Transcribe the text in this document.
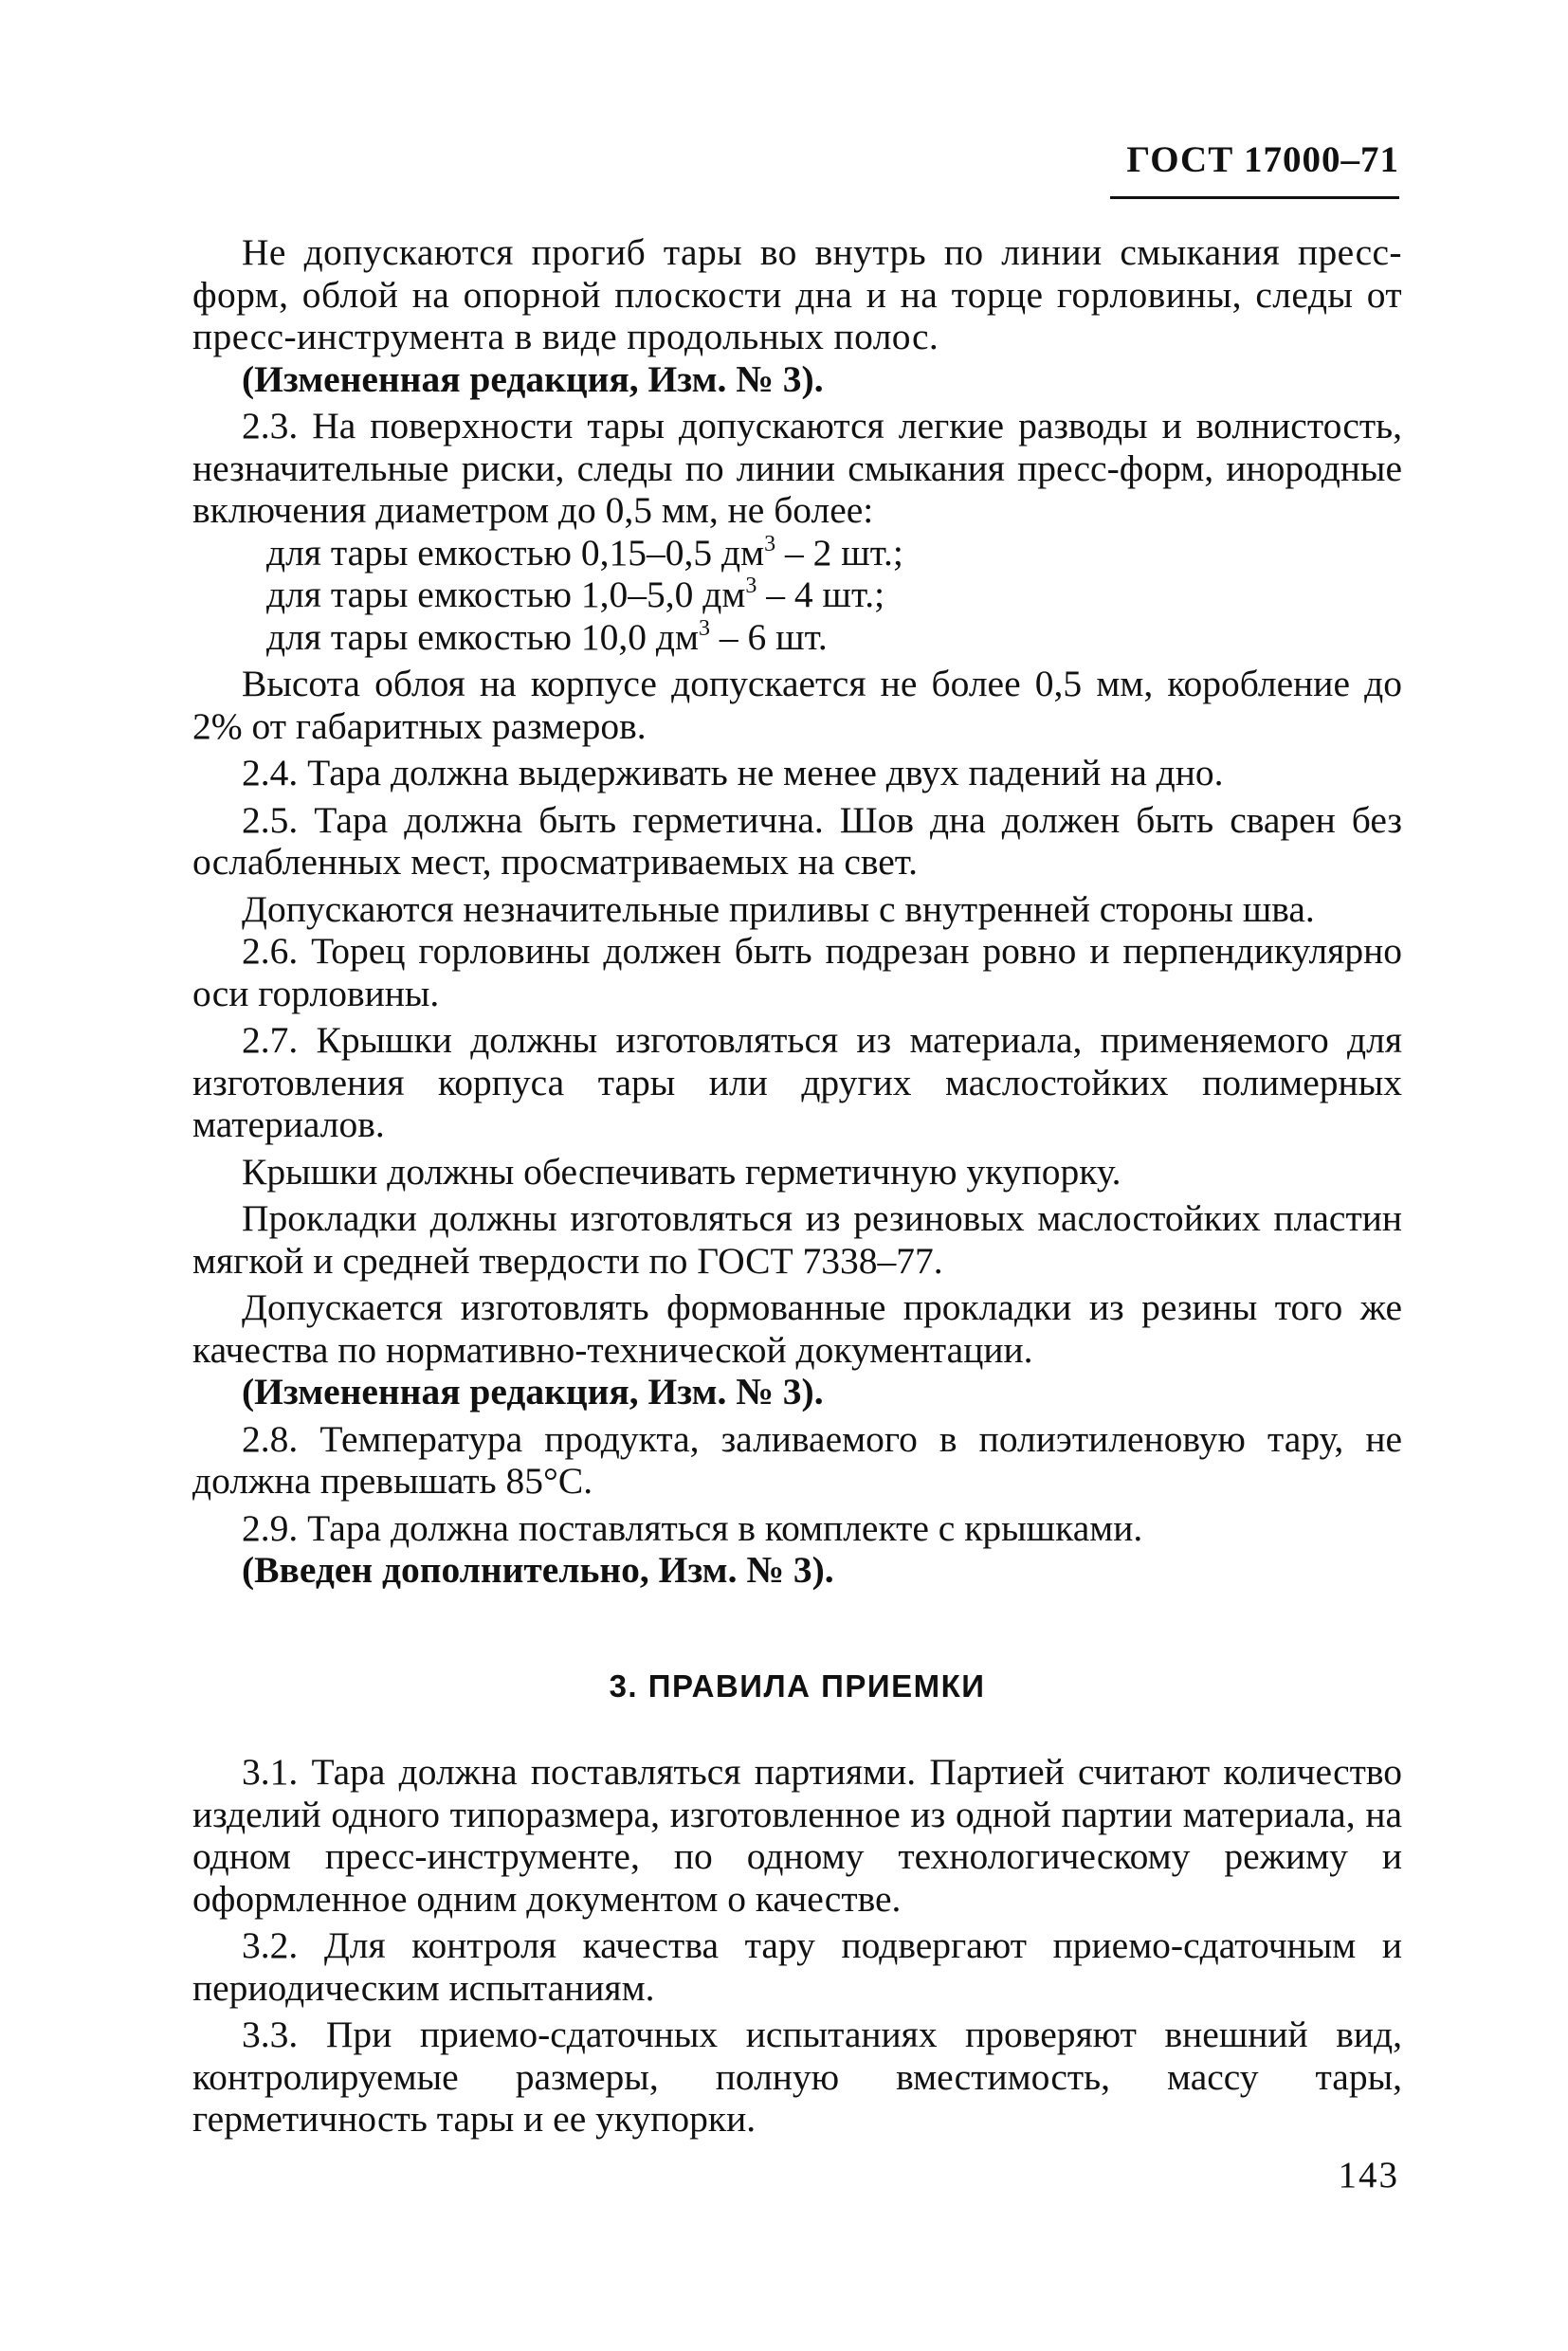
ГОСТ 17000–71

Не допускаются прогиб тары во внутрь по линии смыкания пресс-форм, облой на опорной плоскости дна и на торце горловины, следы от пресс-инструмента в виде продольных полос.

(Измененная редакция, Изм. № 3).

2.3. На поверхности тары допускаются легкие разводы и волнистость, незначительные риски, следы по линии смыкания пресс-форм, инородные включения диаметром до 0,5 мм, не более:

для тары емкостью 0,15–0,5 $дм^3 - 2$ шт.;

для тары емкостью 1,0–5,0 $дм^3 - 4$ шт.;

для тары емкостью 10,0 $дм^3 - 6$ шт.

Высота облоя на корпусе допускается не более 0,5 мм, коробление до 2% от габаритных размеров.

2.4. Тара должна выдерживать не менее двух падений на дно.

2.5. Тара должна быть герметична. Шов дна должен быть сварен без ослабленных мест, просматриваемых на свет.

Допускаются незначительные приливы с внутренней стороны шва.

2.6. Торец горловины должен быть подрезан ровно и перпендикулярно оси горловины.

2.7. Крышки должны изготовляться из материала, применяемого для изготовления корпуса тары или других маслостойких полимерных материалов.

Крышки должны обеспечивать герметичную укупорку.

Прокладки должны изготовляться из резиновых маслостойких пластин мягкой и средней твердости по ГОСТ 7338–77.

Допускается изготовлять формованные прокладки из резины того же качества по нормативно-технической документации.

(Измененная редакция, Изм. № 3).

2.8. Температура продукта, заливаемого в полиэтиленовую тару, не должна превышать 85°С.

2.9. Тара должна поставляться в комплекте с крышками.

(Введен дополнительно, Изм. № 3).

3. ПРАВИЛА ПРИЕМКИ

3.1. Тара должна поставляться партиями. Партией считают количество изделий одного типоразмера, изготовленное из одной партии материала, на одном пресс-инструменте, по одному технологическому режиму и оформленное одним документом о качестве.

3.2. Для контроля качества тару подвергают приемо-сдаточным и периодическим испытаниям.

3.3. При приемо-сдаточных испытаниях проверяют внешний вид, контролируемые размеры, полную вместимость, массу тары, герметичность тары и ее укупорки.

143
